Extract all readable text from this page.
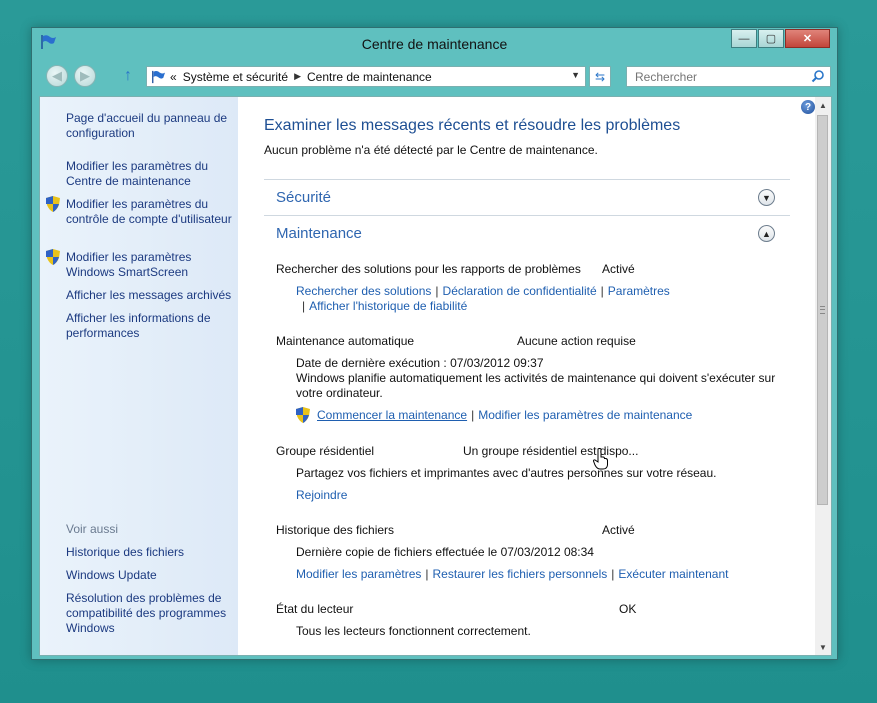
Centre de maintenance	—	▢	✕
◀ ▶ ↑	« Système et sécurité ▶ Centre de maintenance	▼ ⇆
Rechercher
Page d'accueil du panneau de configuration
Modifier les paramètres du Centre de maintenance
Modifier les paramètres du contrôle de compte d'utilisateur
Modifier les paramètres Windows SmartScreen
Afficher les messages archivés
Afficher les informations de performances
Voir aussi
Historique des fichiers
Windows Update
Résolution des problèmes de compatibilité des programmes Windows
? ▲
▼
Examiner les messages récents et résoudre les problèmes
Aucun problème n'a été détecté par le Centre de maintenance.
Sécurité	▼
Maintenance	▲
Rechercher des solutions pour les rapports de problèmes Activé
Rechercher des solutions | Déclaration de confidentialité | Paramètres
| Afficher l'historique de fiabilité
Maintenance automatique	Aucune action requise
Date de dernière exécution : 07/03/2012 09:37
Windows planifie automatiquement les activités de maintenance qui doivent s'exécuter sur
votre ordinateur.
Commencer la maintenance | Modifier les paramètres de maintenance
Groupe résidentiel	Un groupe résidentiel est dispo...
Partagez vos fichiers et imprimantes avec d'autres personnes sur votre réseau.
Rejoindre
Historique des fichiers	Activé
Dernière copie de fichiers effectuée le 07/03/2012 08:34
Modifier les paramètres | Restaurer les fichiers personnels | Exécuter maintenant
État du lecteur	OK
Tous les lecteurs fonctionnent correctement.
